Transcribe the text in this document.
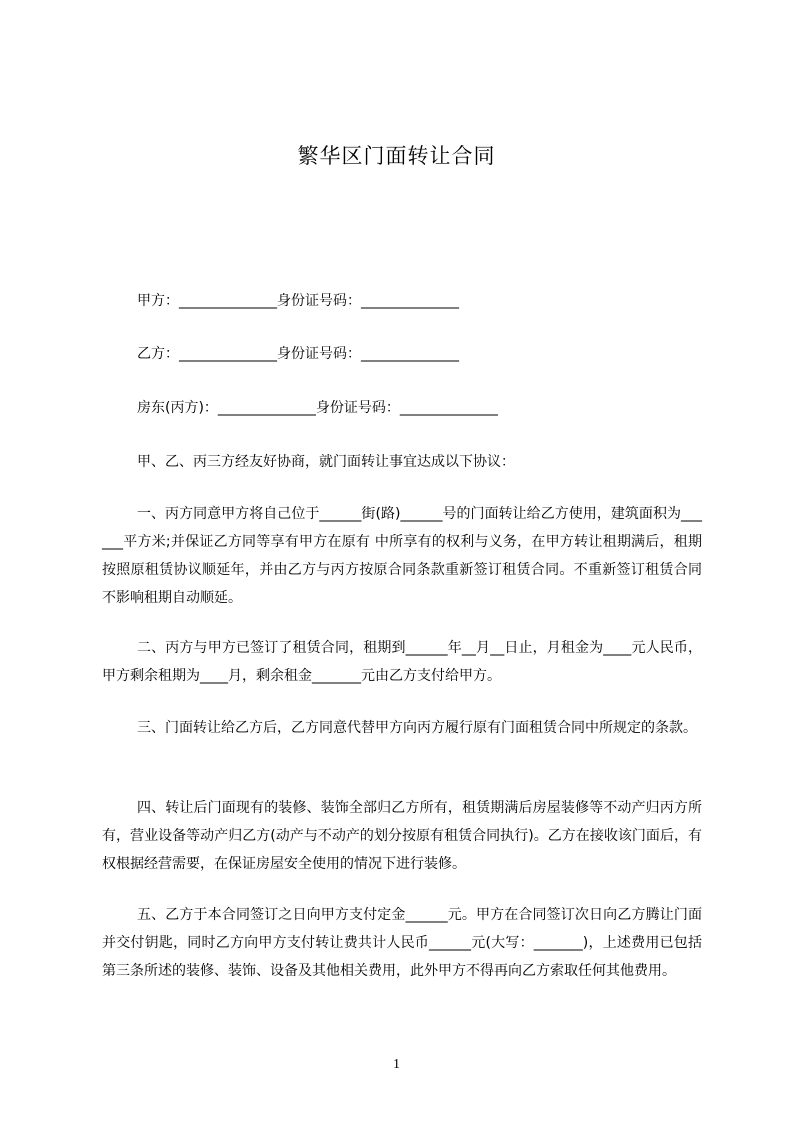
繁华区门面转让合同
甲方：______________身份证号码：______________
乙方：______________身份证号码：______________
房东(丙方)：______________身份证号码：______________
甲、乙、丙三方经友好协商，就门面转让事宜达成以下协议：
一、丙方同意甲方将自己位于______街(路)______号的门面转让给乙方使用，建筑面积为______平方米;并保证乙方同等享有甲方在原有 中所享有的权利与义务，在甲方转让租期满后，租期按照原租赁协议顺延年，并由乙方与丙方按原合同条款重新签订租赁合同。不重新签订租赁合同不影响租期自动顺延。
二、丙方与甲方已签订了租赁合同，租期到______年__月__日止，月租金为____元人民币，甲方剩余租期为____月，剩余租金_______元由乙方支付给甲方。
三、门面转让给乙方后，乙方同意代替甲方向丙方履行原有门面租赁合同中所规定的条款。
四、转让后门面现有的装修、装饰全部归乙方所有，租赁期满后房屋装修等不动产归丙方所有，营业设备等动产归乙方(动产与不动产的划分按原有租赁合同执行)。乙方在接收该门面后，有权根据经营需要，在保证房屋安全使用的情况下进行装修。
五、乙方于本合同签订之日向甲方支付定金______元。甲方在合同签订次日向乙方腾让门面并交付钥匙，同时乙方向甲方支付转让费共计人民币______元(大写：_______)，上述费用已包括第三条所述的装修、装饰、设备及其他相关费用，此外甲方不得再向乙方索取任何其他费用。
1
